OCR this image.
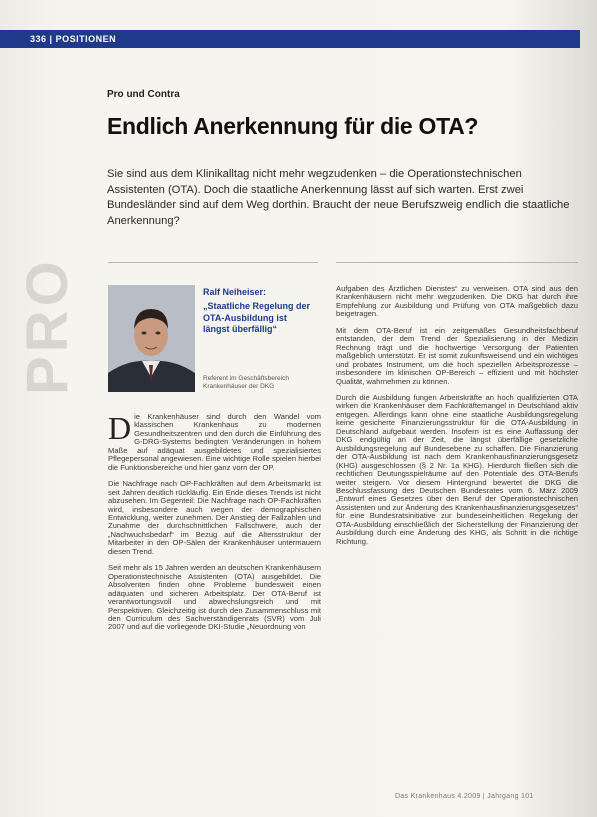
336 | POSITIONEN
Pro und Contra
Endlich Anerkennung für die OTA?

Sie sind aus dem Klinikalltag nicht mehr wegzudenken – die Operationstechnischen Assistenten (OTA). Doch die staatliche Anerkennung lässt auf sich warten. Erst zwei Bundesländer sind auf dem Weg dorthin. Braucht der neue Berufszweig endlich die staatliche Anerkennung?

PRO	Ralf Neiheiser:

„Staatliche Regelung der OTA-Ausbildung ist längst überfällig“

Referent im Geschäftsbereich Krankenhäuser der DKG

Die Krankenhäuser sind durch den Wandel vom klassischen Krankenhaus zu modernen Gesundheitszentren und den durch die Einführung des G-DRG-Systems bedingten Veränderungen in hohem Maße auf adäquat ausgebildetes und spezialisiertes Pflegepersonal angewiesen. Eine wichtige Rolle spielen hierbei die Funktionsbereiche und hier ganz vorn der OP.

Die Nachfrage nach OP-Fachkräften auf dem Arbeitsmarkt ist seit Jahren deutlich rückläufig. Ein Ende dieses Trends ist nicht abzusehen. Im Gegenteil: Die Nachfrage nach OP-Fachkräften wird, insbesondere auch wegen der demographischen Entwicklung, weiter zunehmen. Der Anstieg der Fallzahlen und Zunahme der durchschnittlichen Fallschwere, auch der „Nachwuchsbedarf“ im Bezug auf die Altersstruktur der Mitarbeiter in den OP-Sälen der Krankenhäuser untermauern diesen Trend.

Seit mehr als 15 Jahren werden an deutschen Krankenhäusern Operationstechnische Assistenten (OTA) ausgebildet. Die Absolventen finden ohne Probleme bundesweit einen adäquaten und sicheren Arbeitsplatz. Der OTA-Beruf ist verantwortungsvoll und abwechslungsreich und mit Perspektiven. Gleichzeitig ist durch den Zusammenschluss mit den Curriculum des Sachverständigenrats (SVR) vom Juli 2007 und auf die vorliegende DKI-Studie „Neuordnung von

Aufgaben des Ärztlichen Dienstes“ zu verweisen. OTA sind aus den Krankenhäusern nicht mehr wegzudenken. Die DKG hat durch ihre Empfehlung zur Ausbildung und Prüfung von OTA maßgeblich dazu beigetragen.

Mit dem OTA-Beruf ist ein zeitgemäßes Gesundheitsfachberuf entstanden, der dem Trend der Spezialisierung in der Medizin Rechnung trägt und die hochwertige Versorgung der Patienten maßgeblich unterstützt. Er ist somit zukunftsweisend und ein wichtiges und probates Instrument, um die hoch speziellen Arbeitsprozesse – insbesondere im klinischen OP-Bereich – effizient und mit höchster Qualität, wahrnehmen zu können.

Durch die Ausbildung fungen Arbeitskräfte an hoch qualifizierten OTA wirken die Krankenhäuser dem Fachkräftemangel in Deutschland aktiv entgegen. Allerdings kann ohne eine staatliche Ausbildungsregelung keine gesicherte Finanzierungsstruktur für die OTA-Ausbildung in Deutschland aufgebaut werden. Insofern ist es eine Auffassung der DKG endgültig an der Zeit, die längst überfällige gesetzliche Ausbildungsregelung auf Bundesebene zu schaffen. Die Finanzierung der OTA-Ausbildung ist nach dem Krankenhausfinanzierungsgesetz (KHG) ausgeschlossen (§ 2 Nr. 1a KHG). Hierdurch fließen sich die rechtlichen Deutungsspielräume auf den Potentiale des OTA-Berufs weiter steigern. Vor diesem Hintergrund bewertet die DKG die Beschlussfassung des Deutschen Bundesrates vom 6. März 2009 „Entwurf eines Gesetzes über den Beruf der Operationstechnischen Assistenten und zur Änderung des Krankenhausfinanzierungsgesetzes“ für eine Bundesratsinitiative zur bundeseinheitlichen Regelung der OTA-Ausbildung einschließlich der Sicherstellung der Finanzierung der Ausbildung durch eine Änderung des KHG, als Schritt in die richtige Richtung.

Das Krankenhaus 4.2009 | Jahrgang 101
